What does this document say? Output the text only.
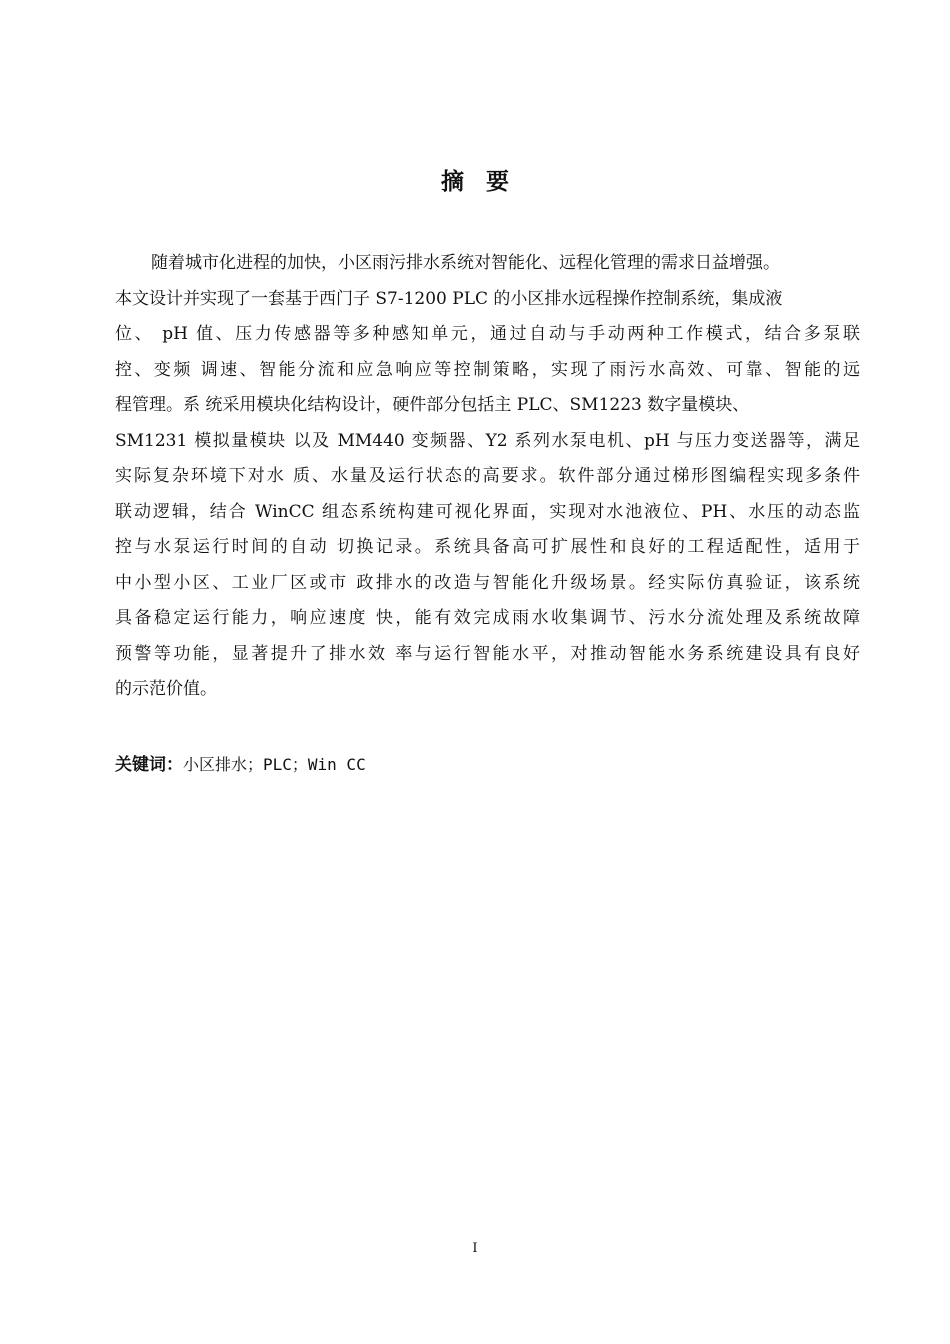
摘 要
随着城市化进程的加快，小区雨污排水系统对智能化、远程化管理的需求日益增强。
本文设计并实现了一套基于西门子 S7-1200 PLC 的小区排水远程操作控制系统，集成液
位、 pH 值、压力传感器等多种感知单元，通过自动与手动两种工作模式，结合多泵联
控、变频 调速、智能分流和应急响应等控制策略，实现了雨污水高效、可靠、智能的远
程管理。系 统采用模块化结构设计，硬件部分包括主 PLC、SM1223 数字量模块、
SM1231 模拟量模块 以及 MM440 变频器、Y2 系列水泵电机、pH 与压力变送器等，满足
实际复杂环境下对水 质、水量及运行状态的高要求。软件部分通过梯形图编程实现多条件
联动逻辑，结合 WinCC 组态系统构建可视化界面，实现对水池液位、PH、水压的动态监
控与水泵运行时间的自动 切换记录。系统具备高可扩展性和良好的工程适配性，适用于
中小型小区、工业厂区或市 政排水的改造与智能化升级场景。经实际仿真验证，该系统
具备稳定运行能力，响应速度 快，能有效完成雨水收集调节、污水分流处理及系统故障
预警等功能，显著提升了排水效 率与运行智能水平，对推动智能水务系统建设具有良好
的示范价值。
关键词：小区排水；PLC；Win CC
I
